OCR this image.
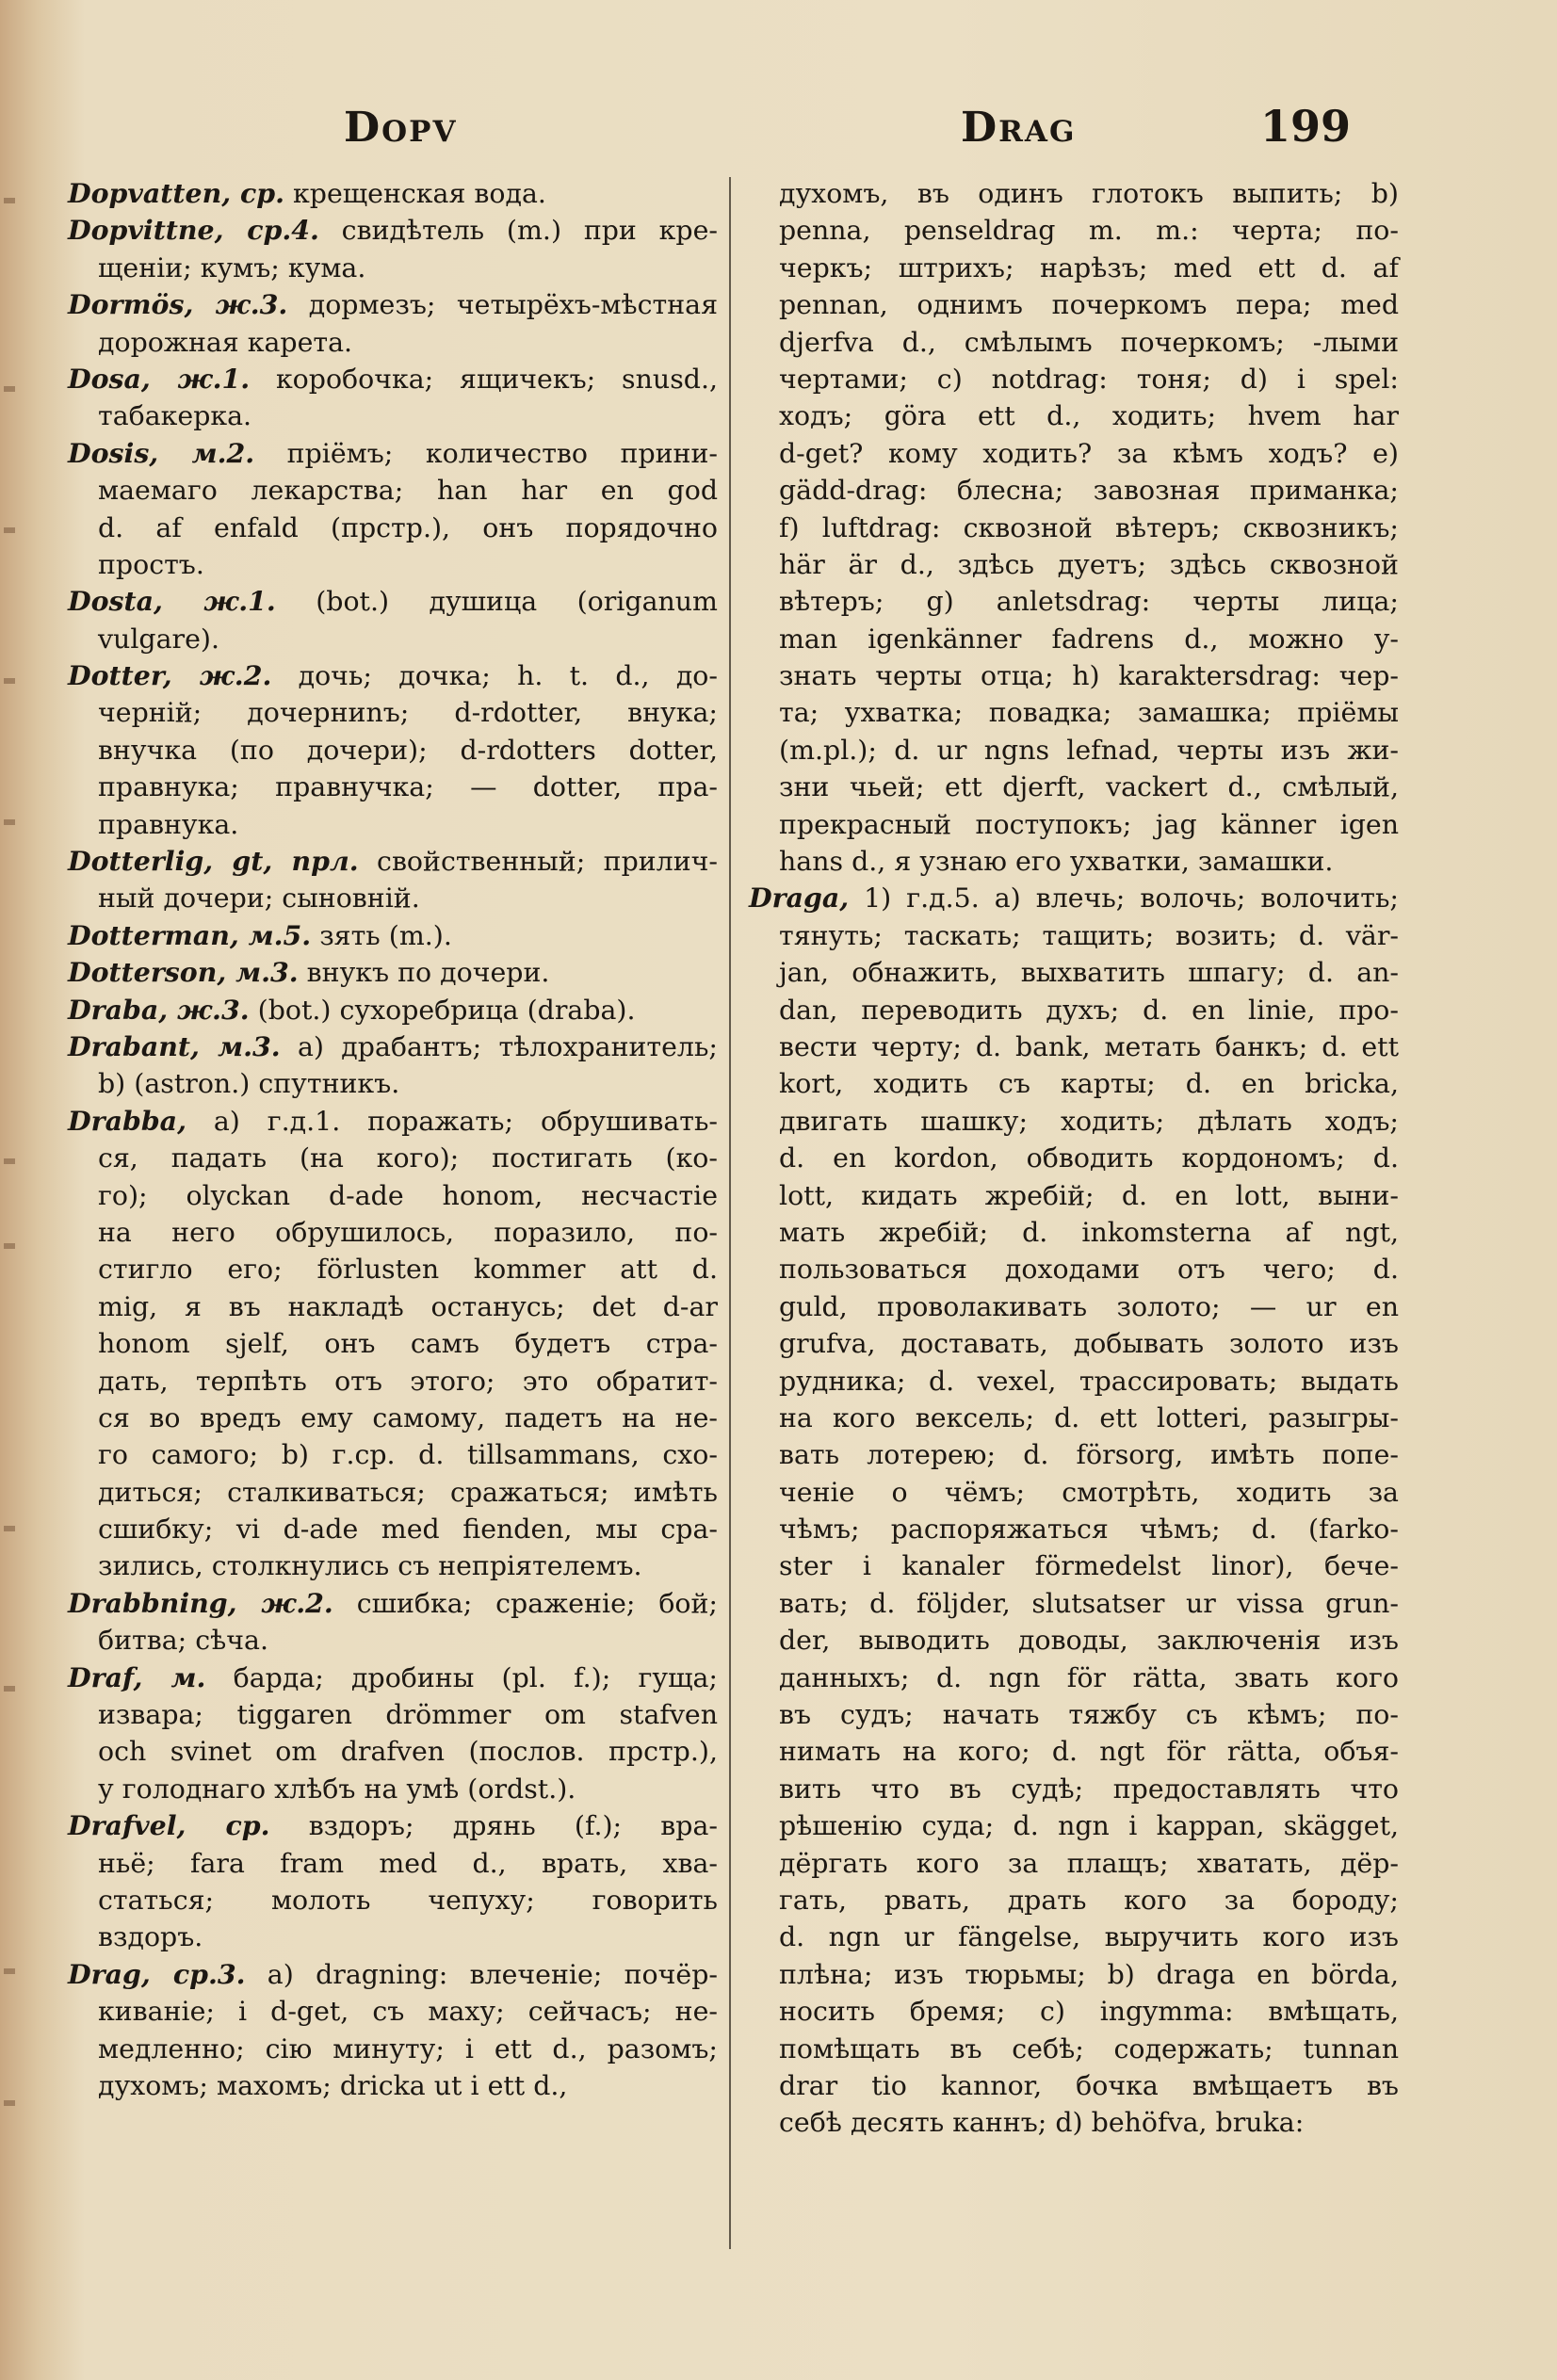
Dopv	Drag	199
Dopvatten, ср. крещенская вода.
Dopvittne, ср.4. свидѣтель (m.) при кре-
щеніи; кумъ; кума.
Dormös, ж.3. дормезъ; четырёхъ-мѣстная
дорожная карета.
Dosa, ж.1. коробочка; ящичекъ; snusd.,
табакерка.
Dosis, м.2. пріёмъ; количество прини-
маемаго лекарства; han har en god
d. af enfald (прстр.), онъ порядочно
простъ.
Dosta, ж.1. (bot.) душица (origanum
vulgare).
Dotter, ж.2. дочь; дочка; h. t. d., до-
черній; дочерниnъ; d-rdotter, внука;
внучка (по дочери); d-rdotters dotter,
правнука; правнучка; — dotter, пра-
правнука.
Dotterlig, gt, прл. свойственный; прилич-
ный дочери; сыновній.
Dotterman, м.5. зять (m.).
Dotterson, м.3. внукъ по дочери.
Draba, ж.3. (bot.) сухоребрица (draba).
Drabant, м.3. а) драбантъ; тѣлохранитель;
b) (astron.) спутникъ.
Drabba, а) г.д.1. поражать; обрушивать-
ся, падать (на кого); постигать (ко-
го); olyckan d-ade honom, несчастіе
на него обрушилось, поразило, по-
стигло его; förlusten kommer att d.
mig, я въ накладѣ останусь; det d-ar
honom sjelf, онъ самъ будетъ стра-
дать, терпѣть отъ этого; это обратит-
ся во вредъ ему самому, падетъ на не-
го самого; b) г.ср. d. tillsammans, схо-
диться; сталкиваться; сражаться; имѣть
сшибку; vi d-ade med fienden, мы сра-
зились, столкнулись съ непріятелемъ.
Drabbning, ж.2. сшибка; сраженіе; бой;
битва; сѣча.
Draf, м. барда; дробины (pl. f.); гуща;
извара; tiggaren drömmer om stafven
och svinet om drafven (послов. прстр.),
у голоднаго хлѣбъ на умѣ (ordst.).
Drafvel, ср. вздоръ; дрянь (f.); вра-
ньё; fara fram med d., врать, хва-
статься; молоть чепуху; говорить
вздоръ.
Drag, ср.3. а) dragning: влеченіе; почёр-
киваніе; i d-get, съ маху; сейчасъ; не-
медленно; сію минуту; i ett d., разомъ;
духомъ; махомъ; dricka ut i ett d.,
духомъ, въ одинъ глотокъ выпить; b)
penna, penseldrag m. m.: черта; по-
черкъ; штрихъ; нарѣзъ; med ett d. af
pennan, однимъ почеркомъ пера; med
djerfva d., смѣлымъ почеркомъ; -лыми
чертами; с) notdrag: тоня; d) i spel:
ходъ; göra ett d., ходить; hvem har
d-get? кому ходить? за кѣмъ ходъ? e)
gädd-drag: блесна; завозная приманка;
f) luftdrag: сквозной вѣтеръ; сквозникъ;
här är d., здѣсь дуетъ; здѣсь сквозной
вѣтеръ; g) anletsdrag: черты лица;
man igenkänner fadrens d., можно у-
знать черты отца; h) karaktersdrag: чер-
та; ухватка; повадка; замашка; пріёмы
(m.pl.); d. ur ngns lefnad, черты изъ жи-
зни чьей; ett djerft, vackert d., смѣлый,
прекрасный поступокъ; jag känner igen
hans d., я узнаю его ухватки, замашки.
Draga, 1) г.д.5. а) влечь; волочь; волочить;
тянуть; таскать; тащить; возить; d. vär-
jan, обнажить, выхватить шпагу; d. an-
dan, переводить духъ; d. en linie, про-
вести черту; d. bank, метать банкъ; d. ett
kort, ходить съ карты; d. en bricka,
двигать шашку; ходить; дѣлать ходъ;
d. en kordon, обводить кордономъ; d.
lott, кидать жребій; d. en lott, выни-
мать жребій; d. inkomsterna af ngt,
пользоваться доходами отъ чего; d.
guld, проволакивать золото; — ur en
grufva, доставать, добывать золото изъ
рудника; d. vexel, трассировать; выдать
на кого вексель; d. ett lotteri, разыгры-
вать лотерею; d. försorg, имѣть попе-
ченіе о чёмъ; смотрѣть, ходить за
чѣмъ; распоряжаться чѣмъ; d. (farko-
ster i kanaler förmedelst linor), бече-
вать; d. följder, slutsatser ur vissa grun-
der, выводить доводы, заключенія изъ
данныхъ; d. ngn för rätta, звать кого
въ судъ; начать тяжбу съ кѣмъ; по-
нимать на кого; d. ngt för rätta, объя-
вить что въ судѣ; предоставлять что
рѣшенію суда; d. ngn i kappan, skägget,
дёргать кого за плащъ; хватать, дёр-
гать, рвать, драть кого за бороду;
d. ngn ur fängelse, выручить кого изъ
плѣна; изъ тюрьмы; b) draga en börda,
носить бремя; с) ingymma: вмѣщать,
помѣщать въ себѣ; содержать; tunnan
drar tio kannor, бочка вмѣщаетъ въ
себѣ десять каннъ; d) behöfva, bruka:
